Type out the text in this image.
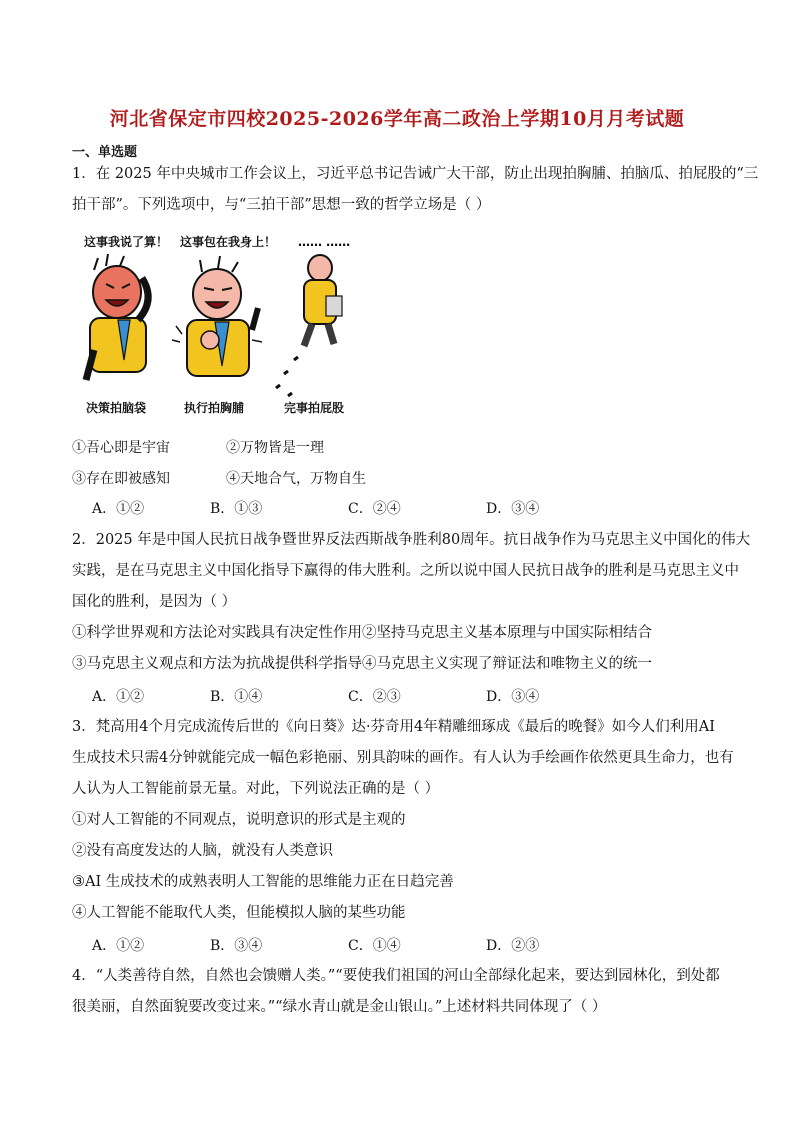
河北省保定市四校2025-2026学年高二政治上学期10月月考试题
一、单选题
1．在 2025 年中央城市工作会议上，习近平总书记告诫广大干部，防止出现拍胸脯、拍脑瓜、拍屁股的“三
拍干部”。下列选项中，与“三拍干部”思想一致的哲学立场是（ ）
这事我说了算！ 这事包在我身上！ …… ……
决策拍脑袋	执行拍胸脯	完事拍屁股
①吾心即是宇宙	②万物皆是一理
③存在即被感知	④天地合气，万物自生
A．①②	B．①③	C．②④	D．③④
2．2025 年是中国人民抗日战争暨世界反法西斯战争胜利80周年。抗日战争作为马克思主义中国化的伟大
实践，是在马克思主义中国化指导下赢得的伟大胜利。之所以说中国人民抗日战争的胜利是马克思主义中
国化的胜利，是因为（ ）
①科学世界观和方法论对实践具有决定性作用②坚持马克思主义基本原理与中国实际相结合
③马克思主义观点和方法为抗战提供科学指导④马克思主义实现了辩证法和唯物主义的统一
A．①②	B．①④	C．②③	D．③④
3．梵高用4个月完成流传后世的《向日葵》达·芬奇用4年精雕细琢成《最后的晚餐》如今人们利用AI
生成技术只需4分钟就能完成一幅色彩艳丽、别具韵味的画作。有人认为手绘画作依然更具生命力，也有
人认为人工智能前景无量。对此，下列说法正确的是（ ）
①对人工智能的不同观点，说明意识的形式是主观的
②没有高度发达的人脑，就没有人类意识
③AI 生成技术的成熟表明人工智能的思维能力正在日趋完善
④人工智能不能取代人类，但能模拟人脑的某些功能
A．①②	B．③④	C．①④	D．②③
4．“人类善待自然，自然也会馈赠人类。”“要使我们祖国的河山全部绿化起来，要达到园林化，到处都
很美丽，自然面貌要改变过来。”“绿水青山就是金山银山。”上述材料共同体现了（ ）
